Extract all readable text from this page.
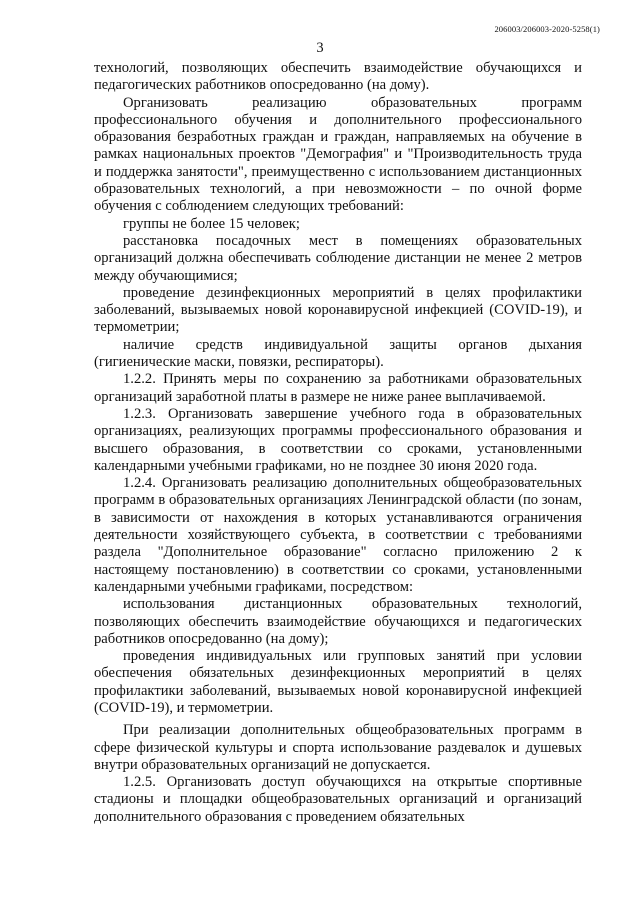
206003/206003-2020-5258(1)
3

технологий, позволяющих обеспечить взаимодействие обучающихся и педагогических работников опосредованно (на дому).

Организовать реализацию образовательных программ профессионального обучения и дополнительного профессионального образования безработных граждан и граждан, направляемых на обучение в рамках национальных проектов "Демография" и "Производительность труда и поддержка занятости", преимущественно с использованием дистанционных образовательных технологий, а при невозможности – по очной форме обучения с соблюдением следующих требований:

группы не более 15 человек;

расстановка посадочных мест в помещениях образовательных организаций должна обеспечивать соблюдение дистанции не менее 2 метров между обучающимися;

проведение дезинфекционных мероприятий в целях профилактики заболеваний, вызываемых новой коронавирусной инфекцией (COVID-19), и термометрии;

наличие средств индивидуальной защиты органов дыхания (гигиенические маски, повязки, респираторы).

1.2.2. Принять меры по сохранению за работниками образовательных организаций заработной платы в размере не ниже ранее выплачиваемой.

1.2.3. Организовать завершение учебного года в образовательных организациях, реализующих программы профессионального образования и высшего образования, в соответствии со сроками, установленными календарными учебными графиками, но не позднее 30 июня 2020 года.

1.2.4. Организовать реализацию дополнительных общеобразовательных программ в образовательных организациях Ленинградской области (по зонам, в зависимости от нахождения в которых устанавливаются ограничения деятельности хозяйствующего субъекта, в соответствии с требованиями раздела "Дополнительное образование" согласно приложению 2 к настоящему постановлению) в соответствии со сроками, установленными календарными учебными графиками, посредством:

использования дистанционных образовательных технологий, позволяющих обеспечить взаимодействие обучающихся и педагогических работников опосредованно (на дому);

проведения индивидуальных или групповых занятий при условии обеспечения обязательных дезинфекционных мероприятий в целях профилактики заболеваний, вызываемых новой коронавирусной инфекцией (COVID-19), и термометрии.

При реализации дополнительных общеобразовательных программ в сфере физической культуры и спорта использование раздевалок и душевых внутри образовательных организаций не допускается.

1.2.5. Организовать доступ обучающихся на открытые спортивные стадионы и площадки общеобразовательных организаций и организаций дополнительного образования с проведением обязательных
